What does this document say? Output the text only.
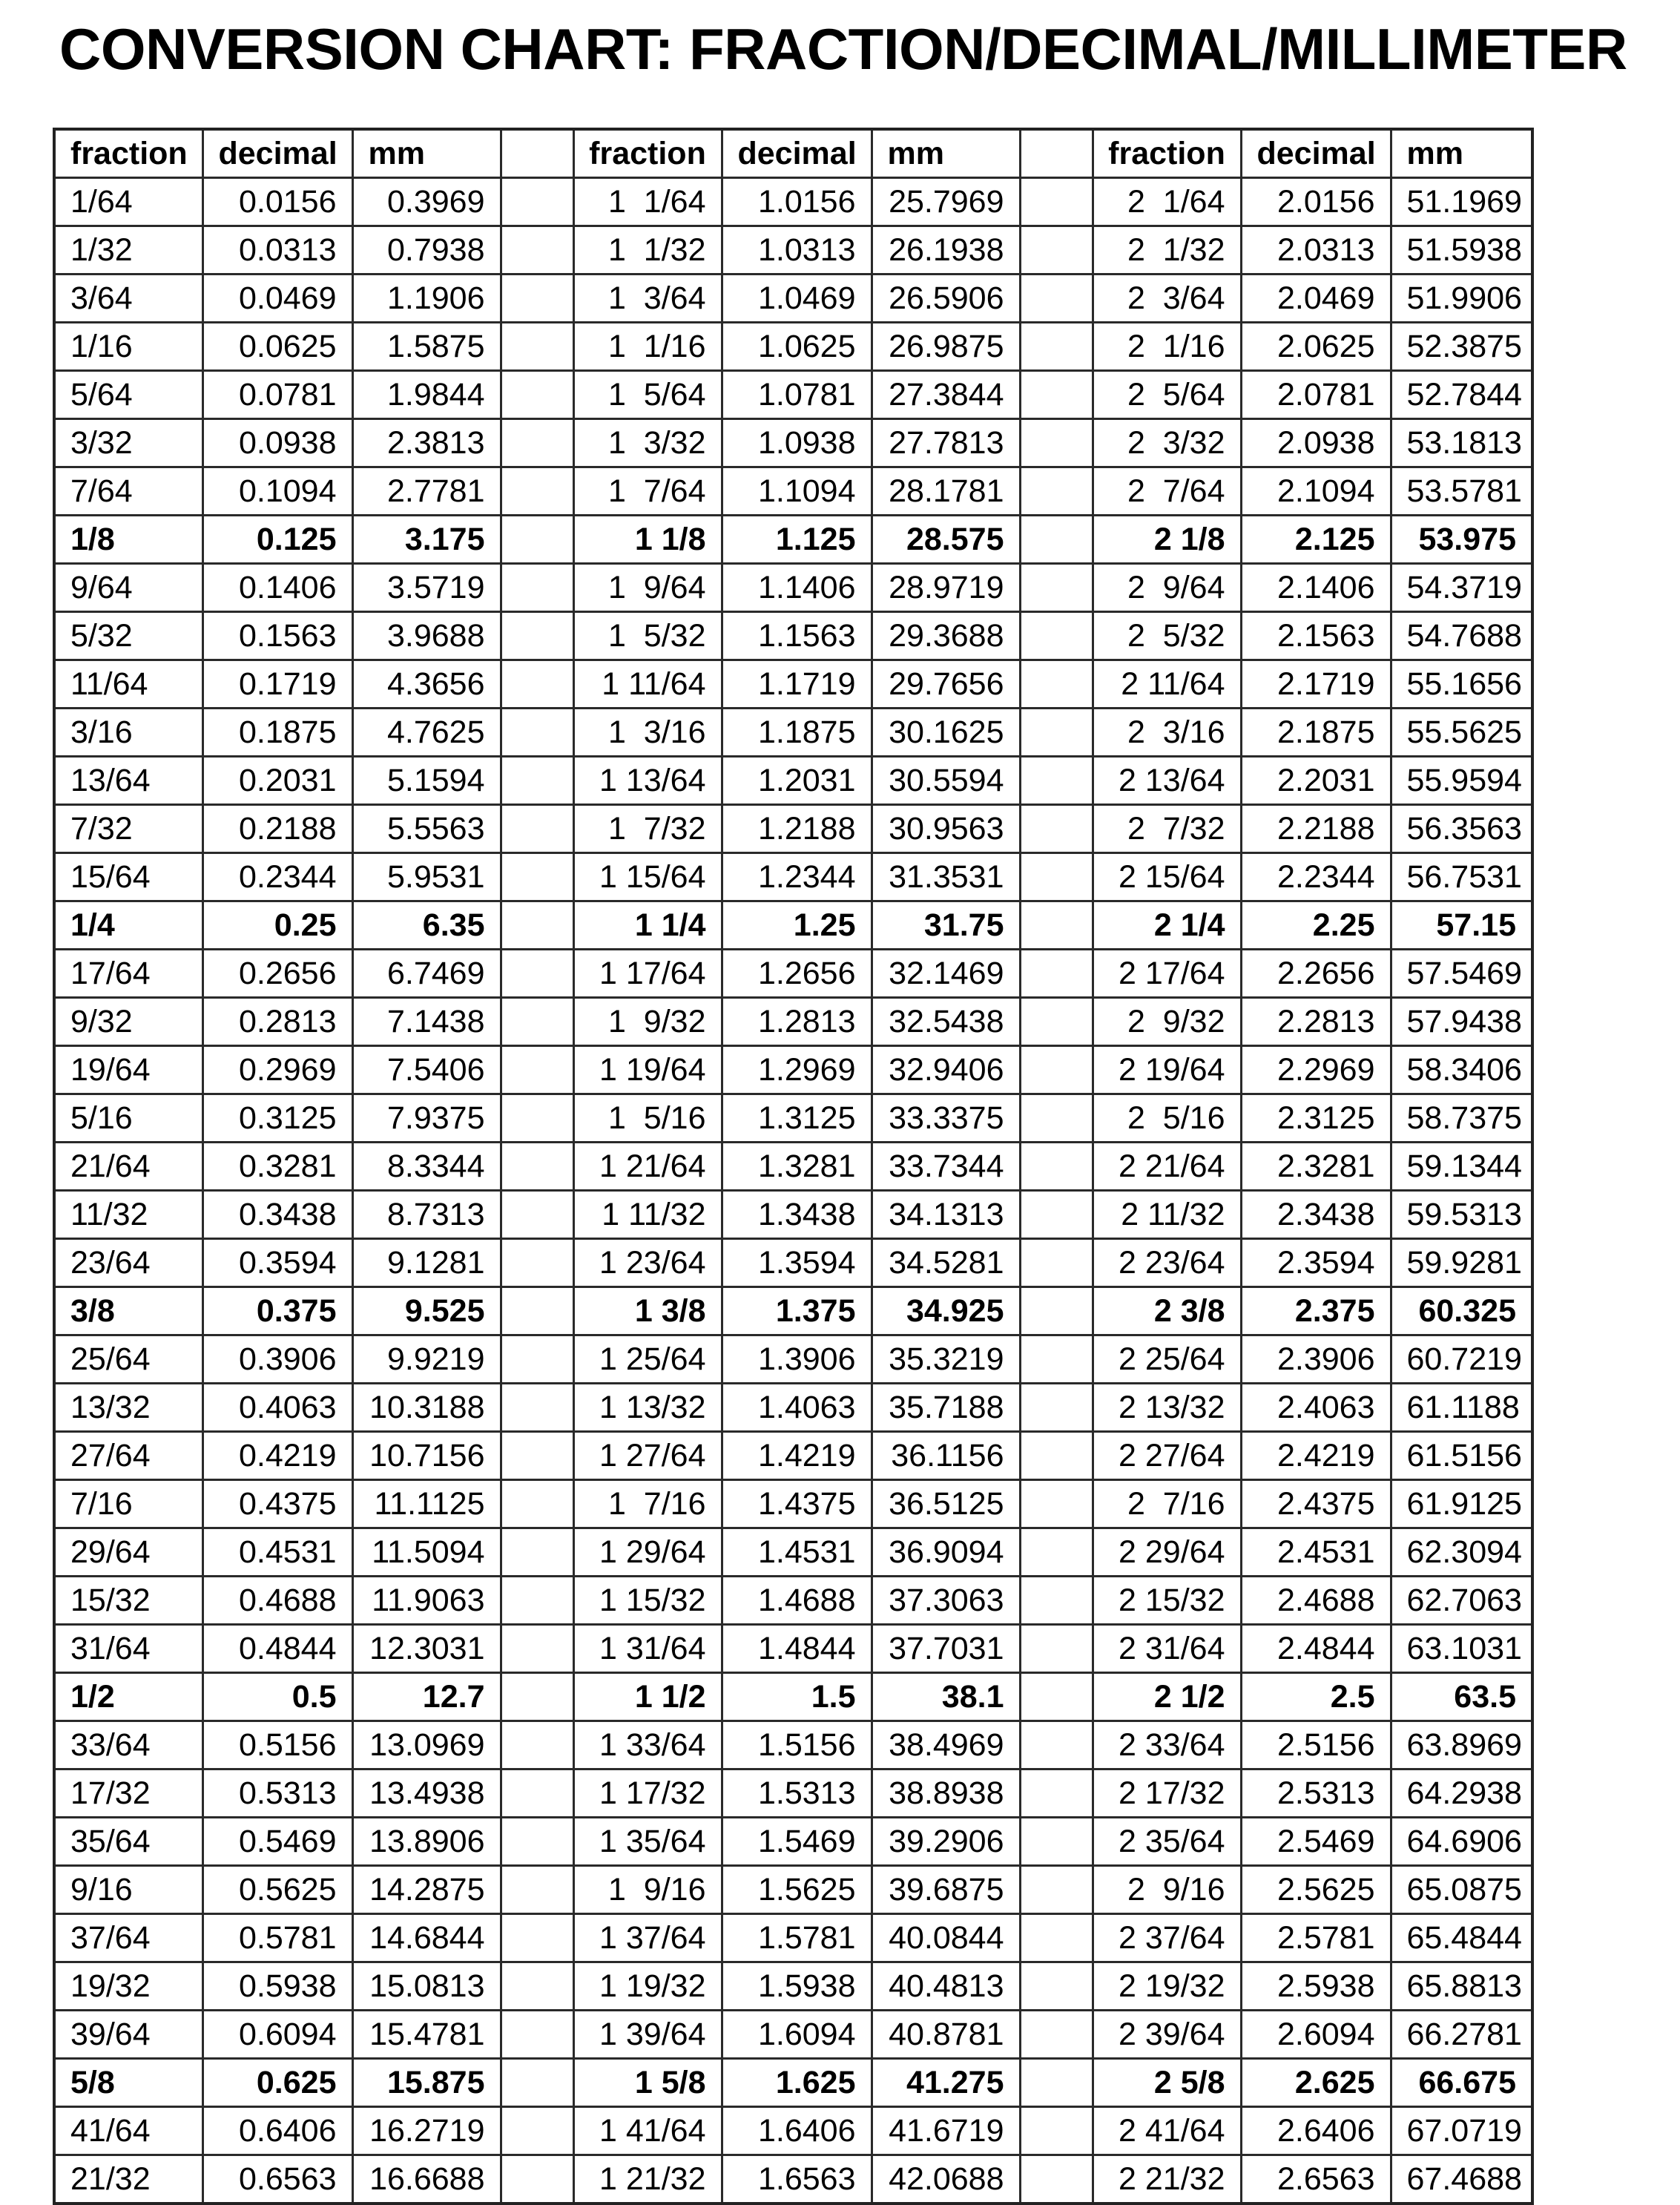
CONVERSION CHART: FRACTION/DECIMAL/MILLIMETER
fraction	decimal	mm		fraction	decimal	mm		fraction	decimal	mm
1/64	0.0156	0.3969		1  1/64	1.0156	25.7969		2  1/64	2.0156	51.1969
1/32	0.0313	0.7938		1  1/32	1.0313	26.1938		2  1/32	2.0313	51.5938
3/64	0.0469	1.1906		1  3/64	1.0469	26.5906		2  3/64	2.0469	51.9906
1/16	0.0625	1.5875		1  1/16	1.0625	26.9875		2  1/16	2.0625	52.3875
5/64	0.0781	1.9844		1  5/64	1.0781	27.3844		2  5/64	2.0781	52.7844
3/32	0.0938	2.3813		1  3/32	1.0938	27.7813		2  3/32	2.0938	53.1813
7/64	0.1094	2.7781		1  7/64	1.1094	28.1781		2  7/64	2.1094	53.5781
1/8	0.125	3.175		1 1/8	1.125	28.575		2 1/8	2.125	53.975
9/64	0.1406	3.5719		1  9/64	1.1406	28.9719		2  9/64	2.1406	54.3719
5/32	0.1563	3.9688		1  5/32	1.1563	29.3688		2  5/32	2.1563	54.7688
11/64	0.1719	4.3656		1 11/64	1.1719	29.7656		2 11/64	2.1719	55.1656
3/16	0.1875	4.7625		1  3/16	1.1875	30.1625		2  3/16	2.1875	55.5625
13/64	0.2031	5.1594		1 13/64	1.2031	30.5594		2 13/64	2.2031	55.9594
7/32	0.2188	5.5563		1  7/32	1.2188	30.9563		2  7/32	2.2188	56.3563
15/64	0.2344	5.9531		1 15/64	1.2344	31.3531		2 15/64	2.2344	56.7531
1/4	0.25	6.35		1 1/4	1.25	31.75		2 1/4	2.25	57.15
17/64	0.2656	6.7469		1 17/64	1.2656	32.1469		2 17/64	2.2656	57.5469
9/32	0.2813	7.1438		1  9/32	1.2813	32.5438		2  9/32	2.2813	57.9438
19/64	0.2969	7.5406		1 19/64	1.2969	32.9406		2 19/64	2.2969	58.3406
5/16	0.3125	7.9375		1  5/16	1.3125	33.3375		2  5/16	2.3125	58.7375
21/64	0.3281	8.3344		1 21/64	1.3281	33.7344		2 21/64	2.3281	59.1344
11/32	0.3438	8.7313		1 11/32	1.3438	34.1313		2 11/32	2.3438	59.5313
23/64	0.3594	9.1281		1 23/64	1.3594	34.5281		2 23/64	2.3594	59.9281
3/8	0.375	9.525		1 3/8	1.375	34.925		2 3/8	2.375	60.325
25/64	0.3906	9.9219		1 25/64	1.3906	35.3219		2 25/64	2.3906	60.7219
13/32	0.4063	10.3188		1 13/32	1.4063	35.7188		2 13/32	2.4063	61.1188
27/64	0.4219	10.7156		1 27/64	1.4219	36.1156		2 27/64	2.4219	61.5156
7/16	0.4375	11.1125		1  7/16	1.4375	36.5125		2  7/16	2.4375	61.9125
29/64	0.4531	11.5094		1 29/64	1.4531	36.9094		2 29/64	2.4531	62.3094
15/32	0.4688	11.9063		1 15/32	1.4688	37.3063		2 15/32	2.4688	62.7063
31/64	0.4844	12.3031		1 31/64	1.4844	37.7031		2 31/64	2.4844	63.1031
1/2	0.5	12.7		1 1/2	1.5	38.1		2 1/2	2.5	63.5
33/64	0.5156	13.0969		1 33/64	1.5156	38.4969		2 33/64	2.5156	63.8969
17/32	0.5313	13.4938		1 17/32	1.5313	38.8938		2 17/32	2.5313	64.2938
35/64	0.5469	13.8906		1 35/64	1.5469	39.2906		2 35/64	2.5469	64.6906
9/16	0.5625	14.2875		1  9/16	1.5625	39.6875		2  9/16	2.5625	65.0875
37/64	0.5781	14.6844		1 37/64	1.5781	40.0844		2 37/64	2.5781	65.4844
19/32	0.5938	15.0813		1 19/32	1.5938	40.4813		2 19/32	2.5938	65.8813
39/64	0.6094	15.4781		1 39/64	1.6094	40.8781		2 39/64	2.6094	66.2781
5/8	0.625	15.875		1 5/8	1.625	41.275		2 5/8	2.625	66.675
41/64	0.6406	16.2719		1 41/64	1.6406	41.6719		2 41/64	2.6406	67.0719
21/32	0.6563	16.6688		1 21/32	1.6563	42.0688		2 21/32	2.6563	67.4688
